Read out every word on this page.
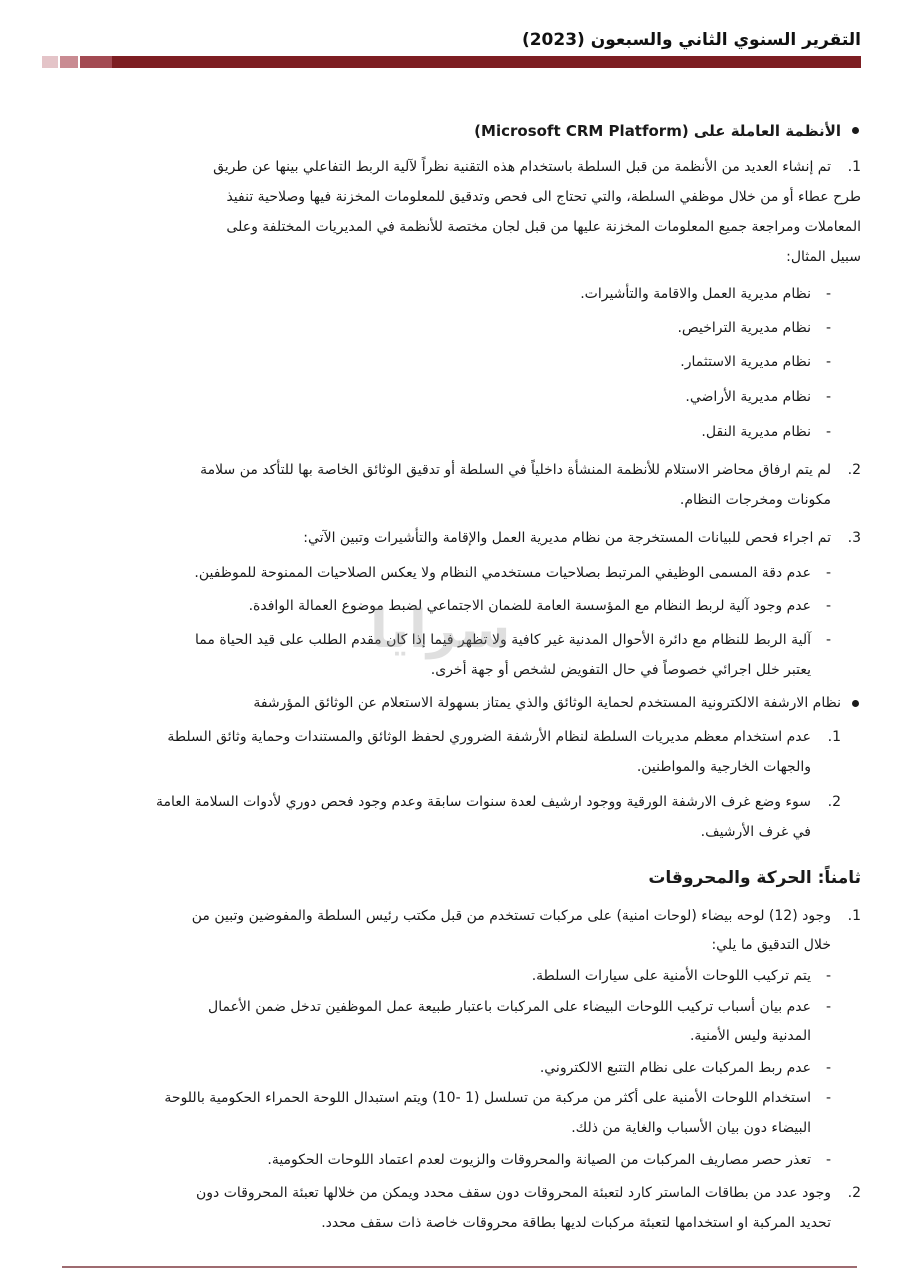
التقرير السنوي الثاني والسبعون (2023)
الأنظمة العاملة على (Microsoft CRM Platform)
1.
تم إنشاء العديد من الأنظمة من قبل السلطة باستخدام هذه التقنية نظراً لآلية الربط التفاعلي بينها عن طريق
طرح عطاء أو من خلال موظفي السلطة، والتي تحتاج الى فحص وتدقيق للمعلومات المخزنة فيها وصلاحية تنفيذ
المعاملات ومراجعة جميع المعلومات المخزنة عليها من قبل لجان مختصة للأنظمة في المديريات المختلفة وعلى
سبيل المثال:
-
نظام مديرية العمل والاقامة والتأشيرات.
-
نظام مديرية التراخيص.
-
نظام مديرية الاستثمار.
-
نظام مديرية الأراضي.
-
نظام مديرية النقل.
2.
لم يتم ارفاق محاضر الاستلام للأنظمة المنشأة داخلياً في السلطة أو تدقيق الوثائق الخاصة بها للتأكد من سلامة
مكونات ومخرجات النظام.
3.
تم اجراء فحص للبيانات المستخرجة من نظام مديرية العمل والإقامة والتأشيرات وتبين الآتي:
-
عدم دقة المسمى الوظيفي المرتبط بصلاحيات مستخدمي النظام ولا يعكس الصلاحيات الممنوحة للموظفين.
-
عدم وجود آلية لربط النظام مع المؤسسة العامة للضمان الاجتماعي لضبط موضوع العمالة الوافدة.
-
آلية الربط للنظام مع دائرة الأحوال المدنية غير كافية ولا تظهر فيما إذا كان مقدم الطلب على قيد الحياة مما
يعتبر خلل اجرائي خصوصاً في حال التفويض لشخص أو جهة أخرى.
نظام الارشفة الالكترونية المستخدم لحماية الوثائق والذي يمتاز بسهولة الاستعلام عن الوثائق المؤرشفة
1.
عدم استخدام معظم مديريات السلطة لنظام الأرشفة الضروري لحفظ الوثائق والمستندات وحماية وثائق السلطة
والجهات الخارجية والمواطنين.
2.
سوء وضع غرف الارشفة الورقية ووجود ارشيف لعدة سنوات سابقة وعدم وجود فحص دوري لأدوات السلامة العامة
في غرف الأرشيف.
ثامناً: الحركة والمحروقات
1.
وجود (12) لوحه بيضاء (لوحات امنية) على مركبات تستخدم من قبل مكتب رئيس السلطة والمفوضين وتبين من
خلال التدقيق ما يلي:
-
يتم تركيب اللوحات الأمنية على سيارات السلطة.
-
عدم بيان أسباب تركيب اللوحات البيضاء على المركبات باعتبار طبيعة عمل الموظفين تدخل ضمن الأعمال
المدنية وليس الأمنية.
-
عدم ربط المركبات على نظام التتبع الالكتروني.
-
استخدام اللوحات الأمنية على أكثر من مركبة من تسلسل (1 -10) ويتم استبدال اللوحة الحمراء الحكومية باللوحة
البيضاء دون بيان الأسباب والغاية من ذلك.
-
تعذر حصر مصاريف المركبات من الصيانة والمحروقات والزيوت لعدم اعتماد اللوحات الحكومية.
2.
وجود عدد من بطاقات الماستر كارد لتعبئة المحروقات دون سقف محدد ويمكن من خلالها تعبئة المحروقات دون
تحديد المركبة او استخدامها لتعبئة مركبات لديها بطاقة محروقات خاصة ذات سقف محدد.
سرايا
